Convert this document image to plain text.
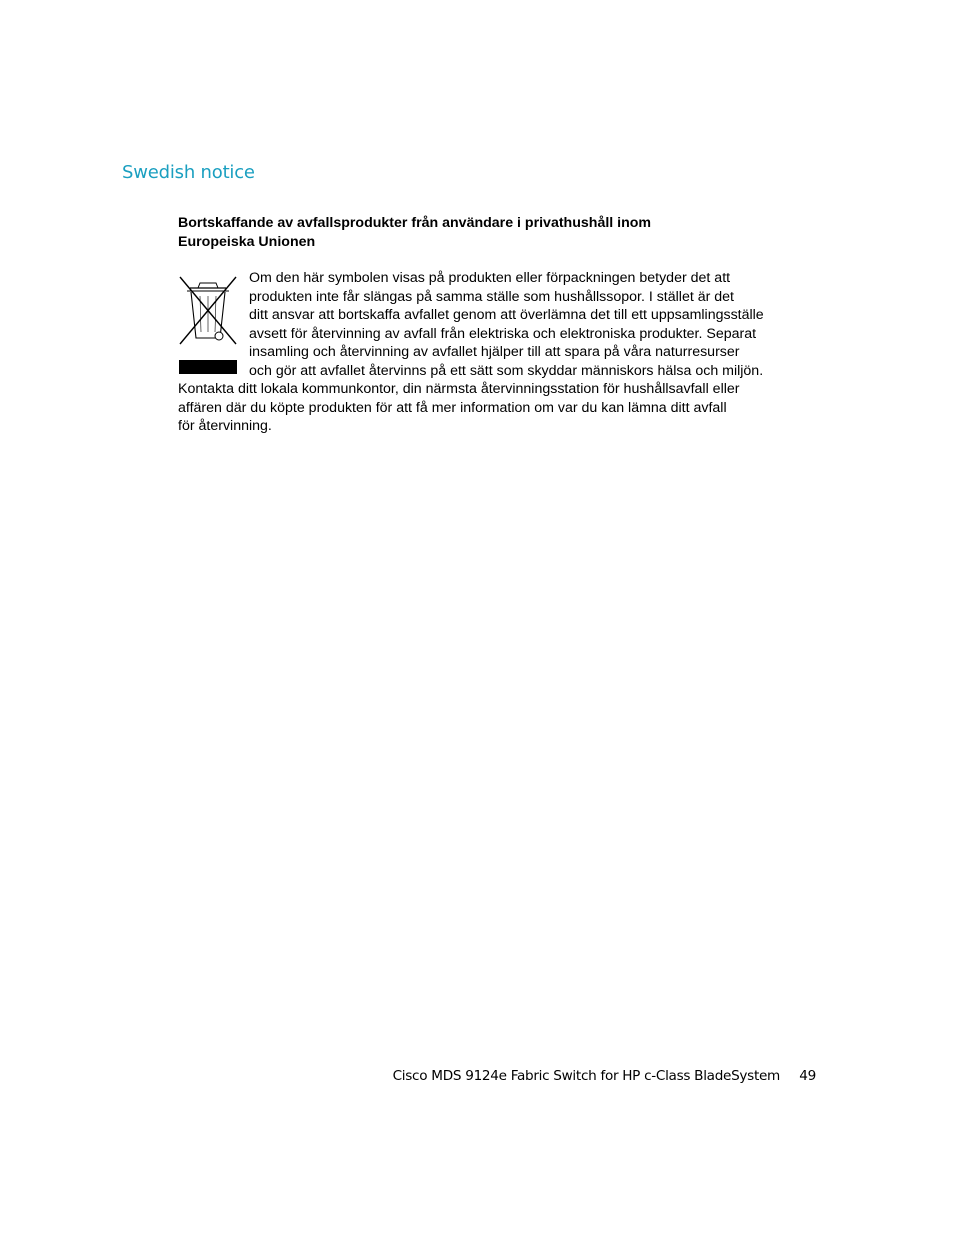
Swedish notice
Bortskaffande av avfallsprodukter från användare i privathushåll inom
Europeiska Unionen
Om den här symbolen visas på produkten eller förpackningen betyder det att
produkten inte får slängas på samma ställe som hushållssopor. I stället är det
ditt ansvar att bortskaffa avfallet genom att överlämna det till ett uppsamlingsställe
avsett för återvinning av avfall från elektriska och elektroniska produkter. Separat
insamling och återvinning av avfallet hjälper till att spara på våra naturresurser
och gör att avfallet återvinns på ett sätt som skyddar människors hälsa och miljön.
Kontakta ditt lokala kommunkontor, din närmsta återvinningsstation för hushållsavfall eller
affären där du köpte produkten för att få mer information om var du kan lämna ditt avfall
för återvinning.
Cisco MDS 9124e Fabric Switch for HP c-Class BladeSystem 49
